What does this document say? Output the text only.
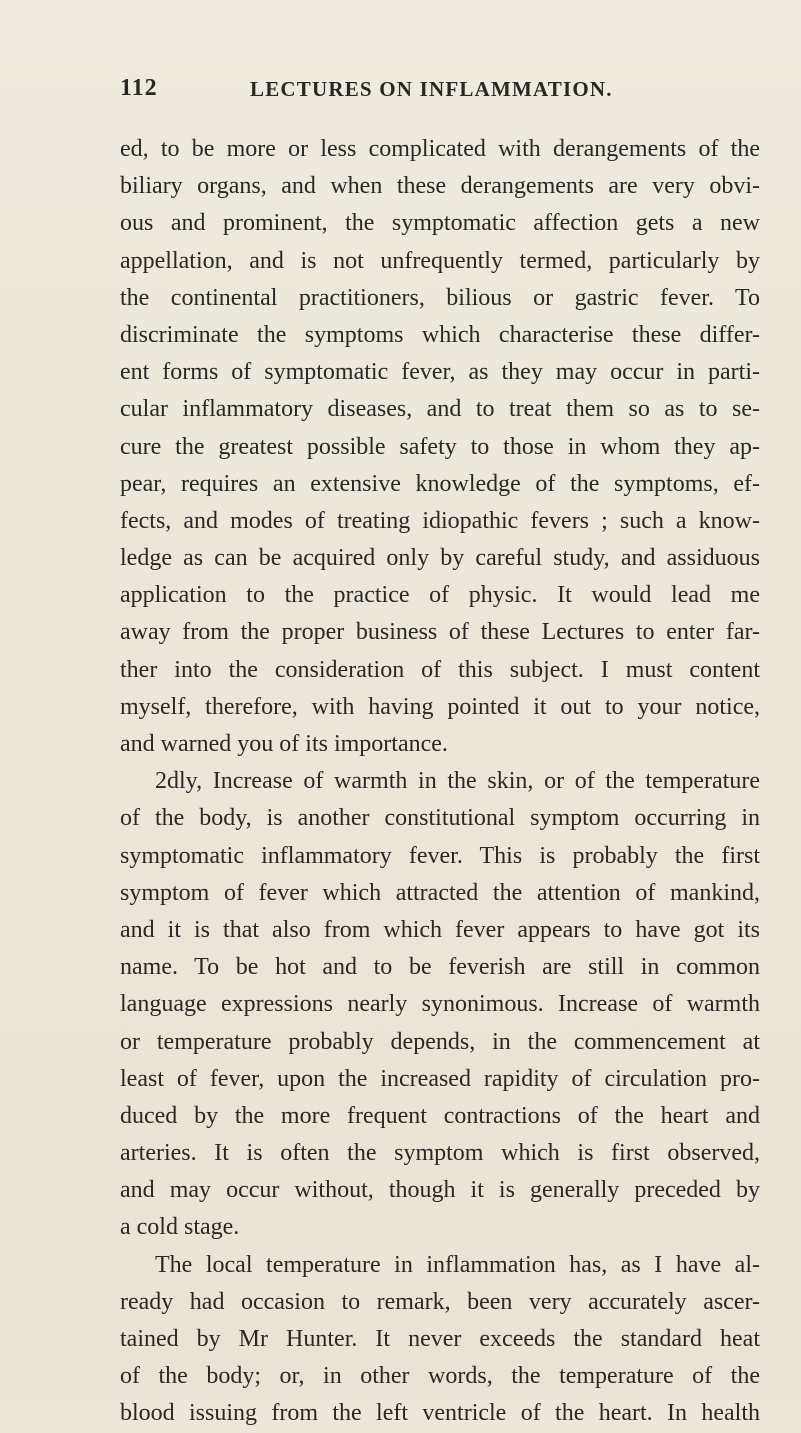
112	LECTURES ON INFLAMMATION.
ed, to be more or less complicated with derangements of the
biliary organs, and when these derangements are very obvi-
ous and prominent, the symptomatic affection gets a new
appellation, and is not unfrequently termed, particularly by
the continental practitioners, bilious or gastric fever. To
discriminate the symptoms which characterise these differ-
ent forms of symptomatic fever, as they may occur in parti-
cular inflammatory diseases, and to treat them so as to se-
cure the greatest possible safety to those in whom they ap-
pear, requires an extensive knowledge of the symptoms, ef-
fects, and modes of treating idiopathic fevers ; such a know-
ledge as can be acquired only by careful study, and assiduous
application to the practice of physic. It would lead me
away from the proper business of these Lectures to enter far-
ther into the consideration of this subject. I must content
myself, therefore, with having pointed it out to your notice,
and warned you of its importance.
2dly, Increase of warmth in the skin, or of the temperature
of the body, is another constitutional symptom occurring in
symptomatic inflammatory fever. This is probably the first
symptom of fever which attracted the attention of mankind,
and it is that also from which fever appears to have got its
name. To be hot and to be feverish are still in common
language expressions nearly synonimous. Increase of warmth
or temperature probably depends, in the commencement at
least of fever, upon the increased rapidity of circulation pro-
duced by the more frequent contractions of the heart and
arteries. It is often the symptom which is first observed,
and may occur without, though it is generally preceded by
a cold stage.
The local temperature in inflammation has, as I have al-
ready had occasion to remark, been very accurately ascer-
tained by Mr Hunter. It never exceeds the standard heat
of the body; or, in other words, the temperature of the
blood issuing from the left ventricle of the heart. In health
